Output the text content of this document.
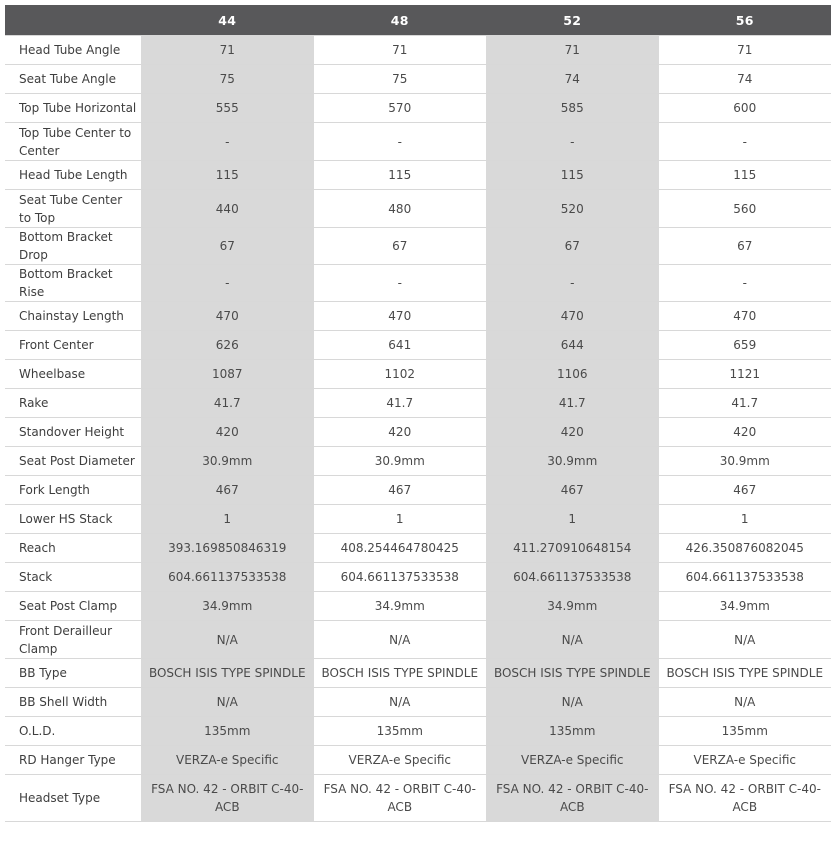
	44	48	52	56
Head Tube Angle	71	71	71	71
Seat Tube Angle	75	75	74	74
Top Tube Horizontal	555	570	585	600
Top Tube Center to Center	-	-	-	-
Head Tube Length	115	115	115	115
Seat Tube Center to Top	440	480	520	560
Bottom Bracket Drop	67	67	67	67
Bottom Bracket Rise	-	-	-	-
Chainstay Length	470	470	470	470
Front Center	626	641	644	659
Wheelbase	1087	1102	1106	1121
Rake	41.7	41.7	41.7	41.7
Standover Height	420	420	420	420
Seat Post Diameter	30.9mm	30.9mm	30.9mm	30.9mm
Fork Length	467	467	467	467
Lower HS Stack	1	1	1	1
Reach	393.169850846319	408.254464780425	411.270910648154	426.350876082045
Stack	604.661137533538	604.661137533538	604.661137533538	604.661137533538
Seat Post Clamp	34.9mm	34.9mm	34.9mm	34.9mm
Front Derailleur Clamp	N/A	N/A	N/A	N/A
BB Type	BOSCH ISIS TYPE SPINDLE	BOSCH ISIS TYPE SPINDLE	BOSCH ISIS TYPE SPINDLE	BOSCH ISIS TYPE SPINDLE
BB Shell Width	N/A	N/A	N/A	N/A
O.L.D.	135mm	135mm	135mm	135mm
RD Hanger Type	VERZA-e Specific	VERZA-e Specific	VERZA-e Specific	VERZA-e Specific
Headset Type	FSA NO. 42 - ORBIT C-40-ACB	FSA NO. 42 - ORBIT C-40-ACB	FSA NO. 42 - ORBIT C-40-ACB	FSA NO. 42 - ORBIT C-40-ACB
